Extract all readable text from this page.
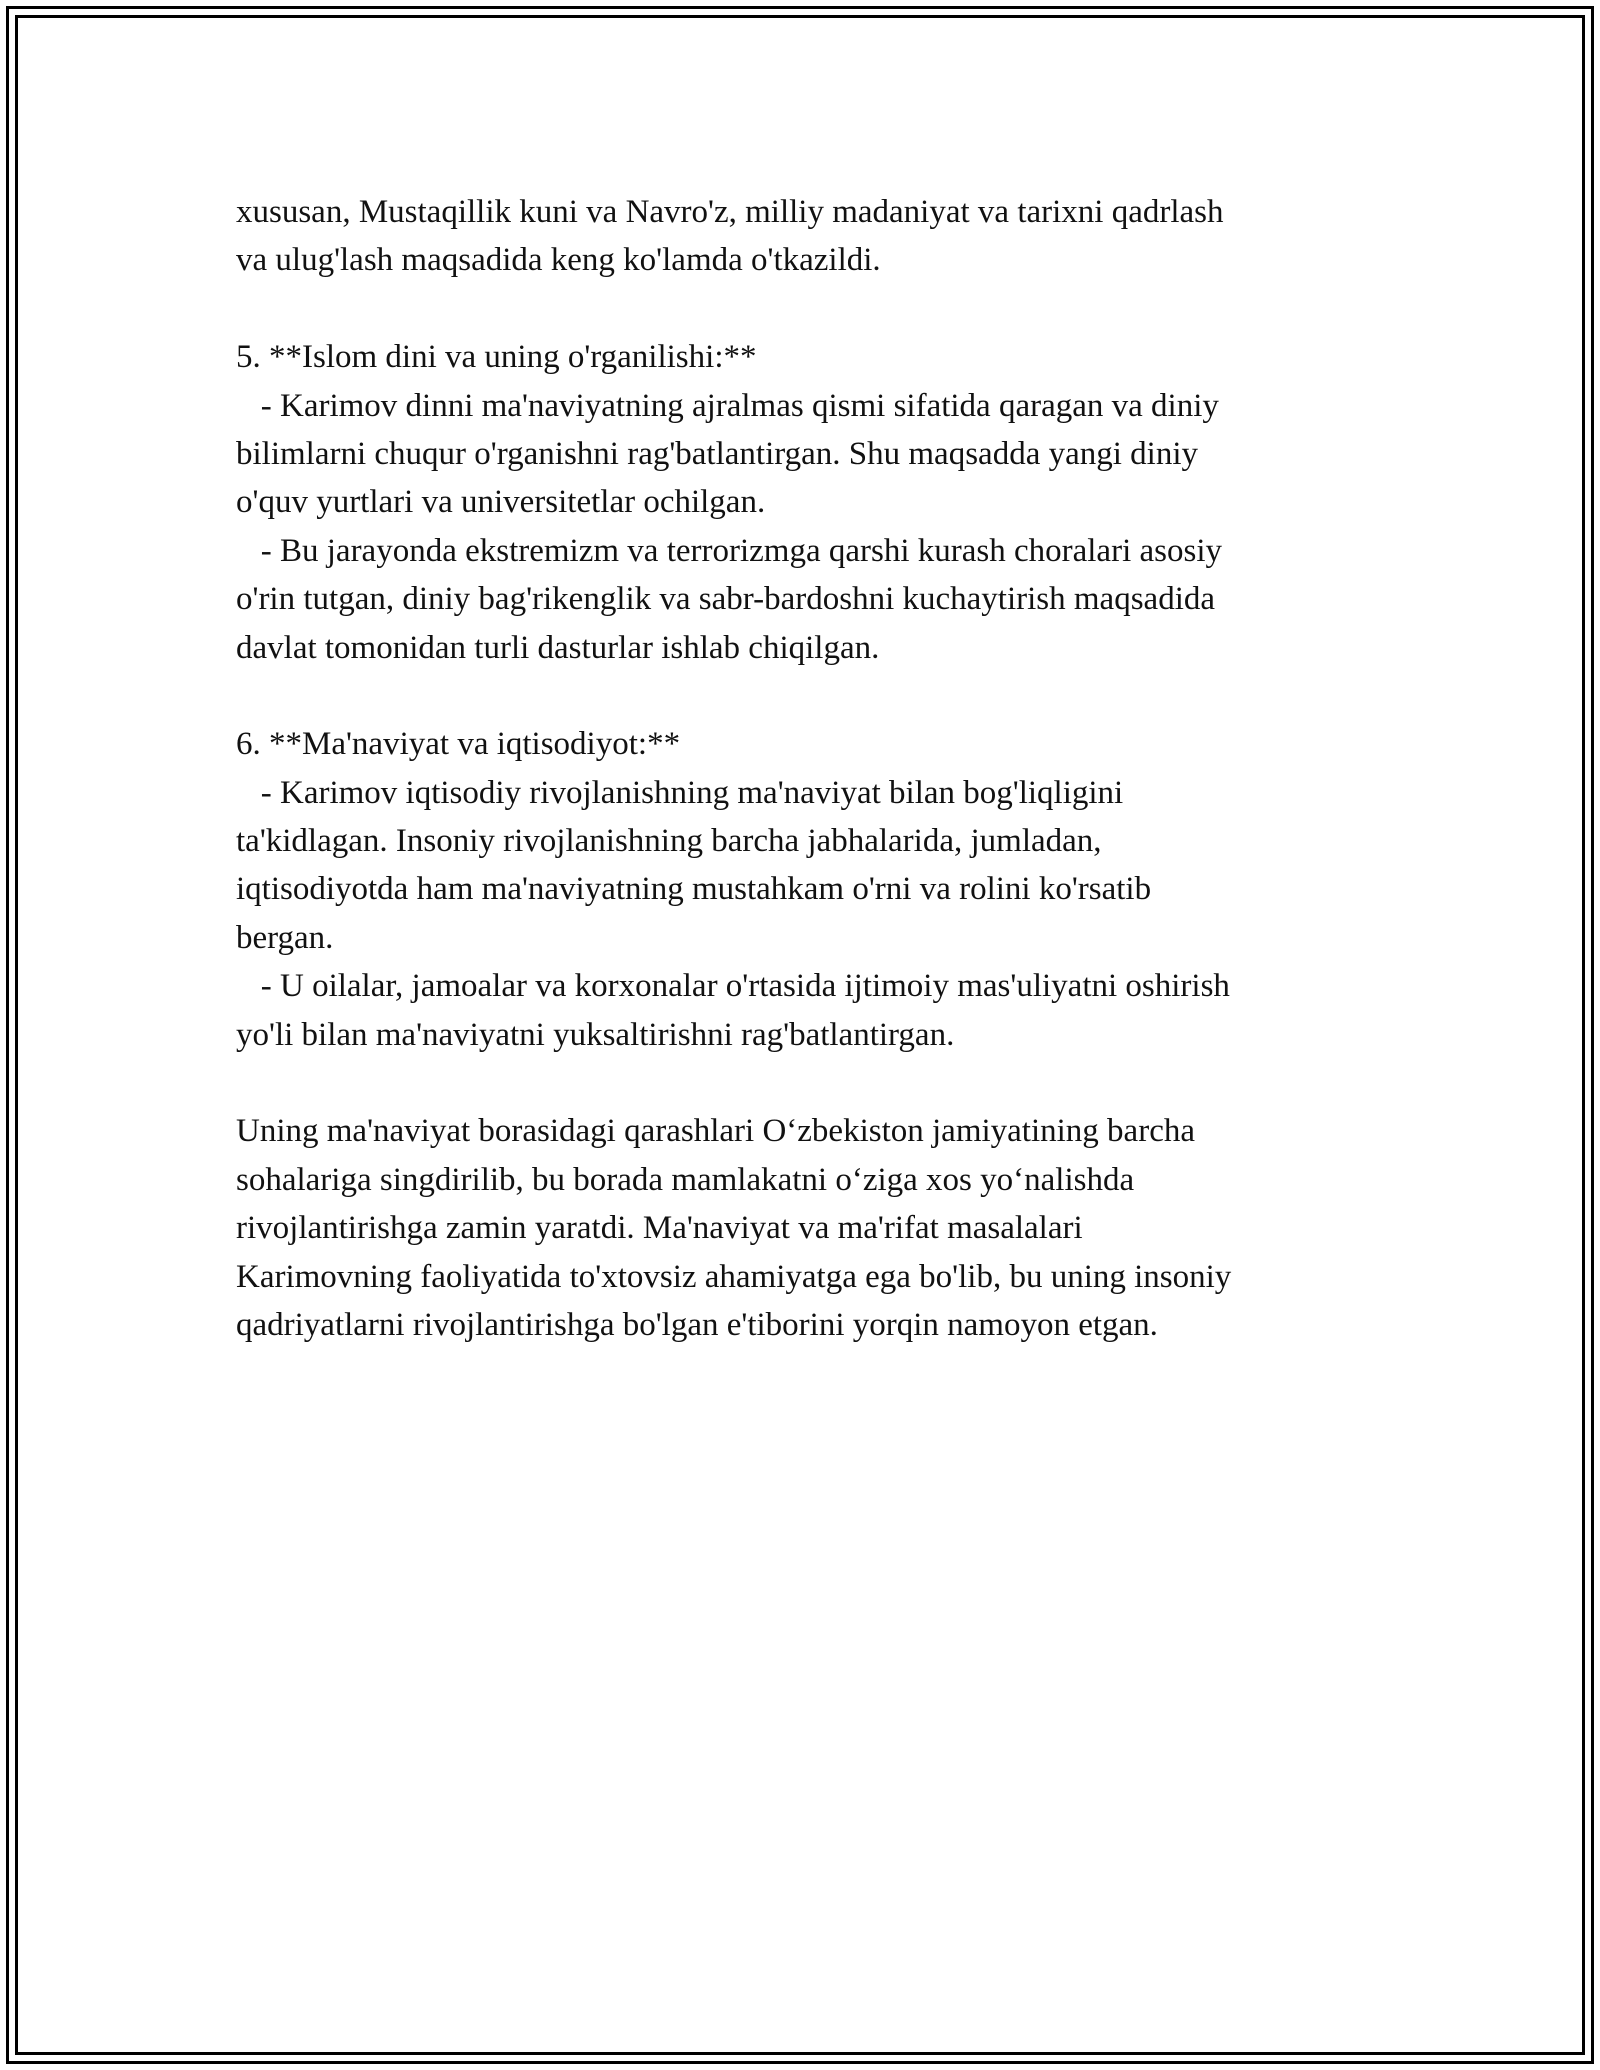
xususan, Mustaqillik kuni va Navro'z, milliy madaniyat va tarixni qadrlash
va ulug'lash maqsadida keng ko'lamda o'tkazildi.
5. **Islom dini va uning o'rganilishi:**
- Karimov dinni ma'naviyatning ajralmas qismi sifatida qaragan va diniy
bilimlarni chuqur o'rganishni rag'batlantirgan. Shu maqsadda yangi diniy
o'quv yurtlari va universitetlar ochilgan.
- Bu jarayonda ekstremizm va terrorizmga qarshi kurash choralari asosiy
o'rin tutgan, diniy bag'rikenglik va sabr-bardoshni kuchaytirish maqsadida
davlat tomonidan turli dasturlar ishlab chiqilgan.
6. **Ma'naviyat va iqtisodiyot:**
- Karimov iqtisodiy rivojlanishning ma'naviyat bilan bog'liqligini
ta'kidlagan. Insoniy rivojlanishning barcha jabhalarida, jumladan,
iqtisodiyotda ham ma'naviyatning mustahkam o'rni va rolini ko'rsatib
bergan.
- U oilalar, jamoalar va korxonalar o'rtasida ijtimoiy mas'uliyatni oshirish
yo'li bilan ma'naviyatni yuksaltirishni rag'batlantirgan.
Uning ma'naviyat borasidagi qarashlari O‘zbekiston jamiyatining barcha
sohalariga singdirilib, bu borada mamlakatni o‘ziga xos yo‘nalishda
rivojlantirishga zamin yaratdi. Ma'naviyat va ma'rifat masalalari
Karimovning faoliyatida to'xtovsiz ahamiyatga ega bo'lib, bu uning insoniy
qadriyatlarni rivojlantirishga bo'lgan e'tiborini yorqin namoyon etgan.
